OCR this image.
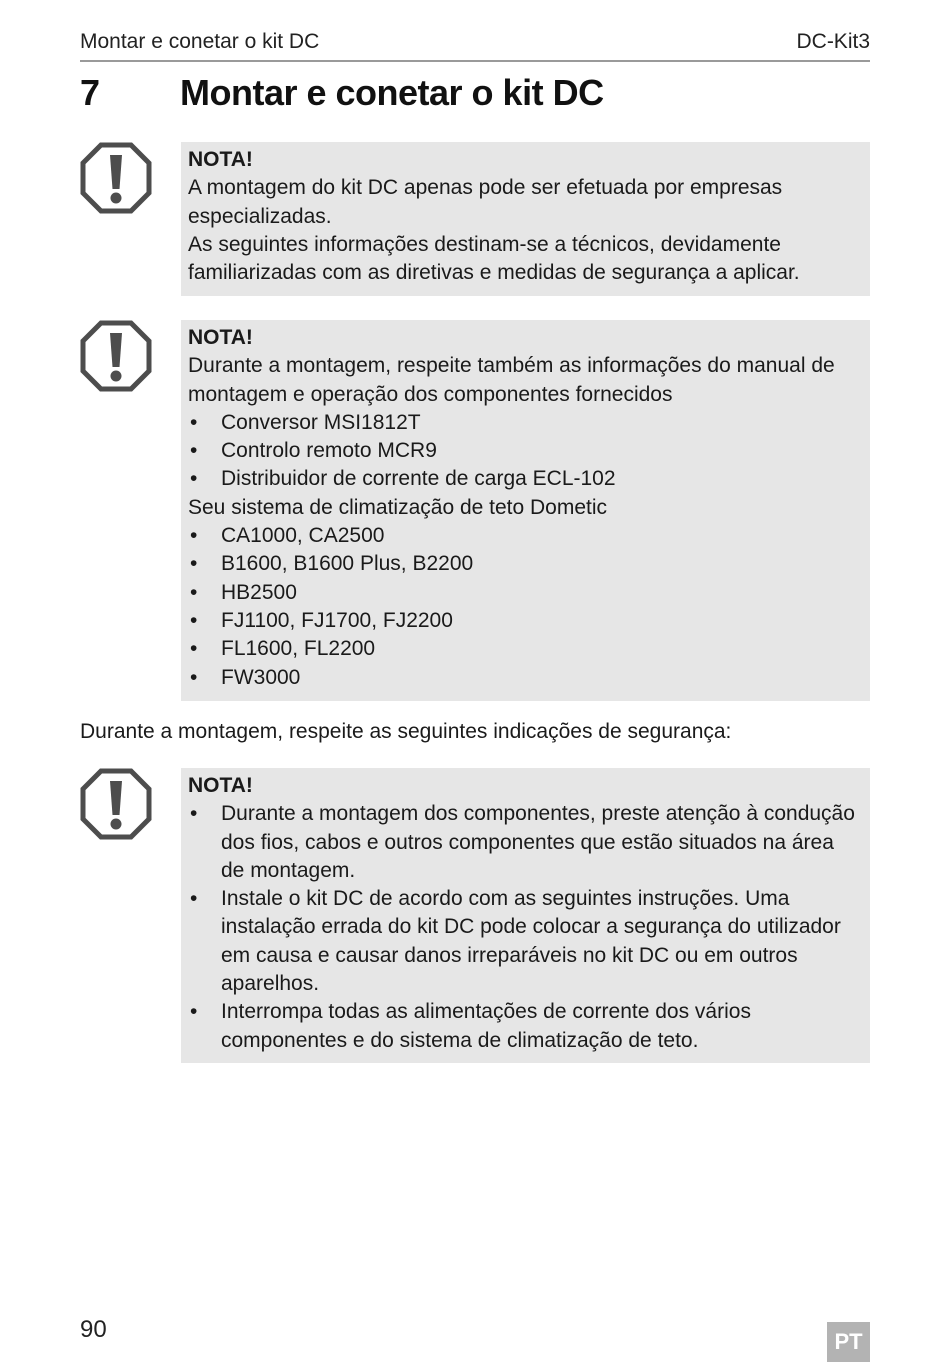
Montar e conetar o kit DC	DC-Kit3
7 Montar e conetar o kit DC
NOTA!
A montagem do kit DC apenas pode ser efetuada por empresas especializadas.
As seguintes informações destinam-se a técnicos, devidamente familiarizadas com as diretivas e medidas de segurança a aplicar.
NOTA!
Durante a montagem, respeite também as informações do manual de montagem e operação dos componentes fornecidos
• Conversor MSI1812T
• Controlo remoto MCR9
• Distribuidor de corrente de carga ECL-102
Seu sistema de climatização de teto Dometic
• CA1000, CA2500
• B1600, B1600 Plus, B2200
• HB2500
• FJ1100, FJ1700, FJ2200
• FL1600, FL2200
• FW3000
Durante a montagem, respeite as seguintes indicações de segurança:
NOTA!
• Durante a montagem dos componentes, preste atenção à condução dos fios, cabos e outros componentes que estão situados na área de montagem.
• Instale o kit DC de acordo com as seguintes instruções. Uma instalação errada do kit DC pode colocar a segurança do utilizador em causa e causar danos irreparáveis no kit DC ou em outros aparelhos.
• Interrompa todas as alimentações de corrente dos vários componentes e do sistema de climatização de teto.
90	PT
